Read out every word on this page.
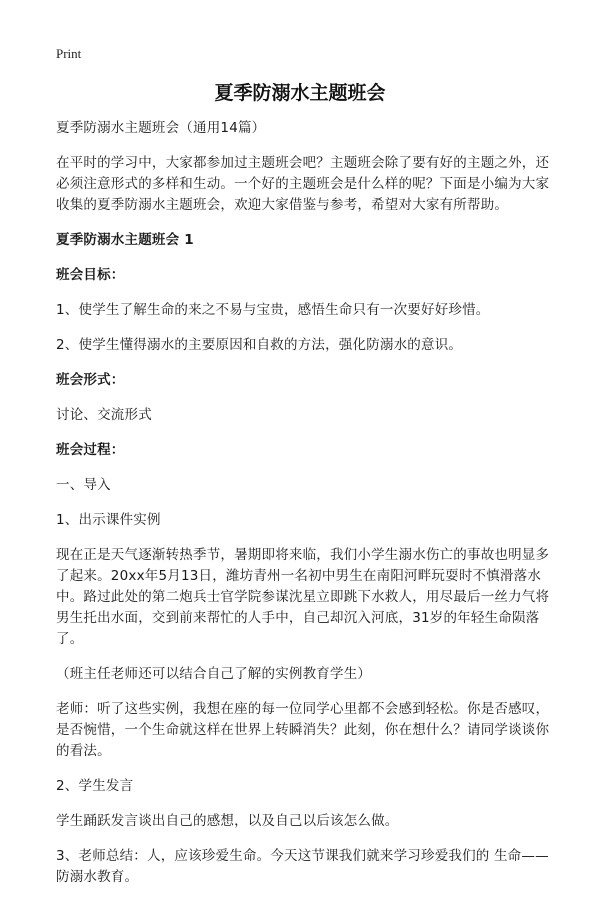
Print
夏季防溺水主题班会

夏季防溺水主题班会（通用14篇）

在平时的学习中，大家都参加过主题班会吧？主题班会除了要有好的主题之外，还必须注意形式的多样和生动。一个好的主题班会是什么样的呢？下面是小编为大家收集的夏季防溺水主题班会，欢迎大家借鉴与参考，希望对大家有所帮助。

夏季防溺水主题班会 1

班会目标：

1、使学生了解生命的来之不易与宝贵，感悟生命只有一次要好好珍惜。

2、使学生懂得溺水的主要原因和自救的方法，强化防溺水的意识。

班会形式：

讨论、交流形式

班会过程：

一、导入

1、出示课件实例

现在正是天气逐渐转热季节，暑期即将来临，我们小学生溺水伤亡的事故也明显多了起来。20xx年5月13日，潍坊青州一名初中男生在南阳河畔玩耍时不慎滑落水中。路过此处的第二炮兵士官学院参谋沈星立即跳下水救人，用尽最后一丝力气将男生托出水面，交到前来帮忙的人手中，自己却沉入河底，31岁的年轻生命陨落了。

（班主任老师还可以结合自己了解的实例教育学生）

老师：听了这些实例，我想在座的每一位同学心里都不会感到轻松。你是否感叹，是否惋惜，一个生命就这样在世界上转瞬消失？此刻，你在想什么？请同学谈谈你的看法。

2、学生发言

学生踊跃发言谈出自己的感想，以及自己以后该怎么做。

3、老师总结：人，应该珍爱生命。今天这节课我们就来学习珍爱我们的 生命——防溺水教育。
